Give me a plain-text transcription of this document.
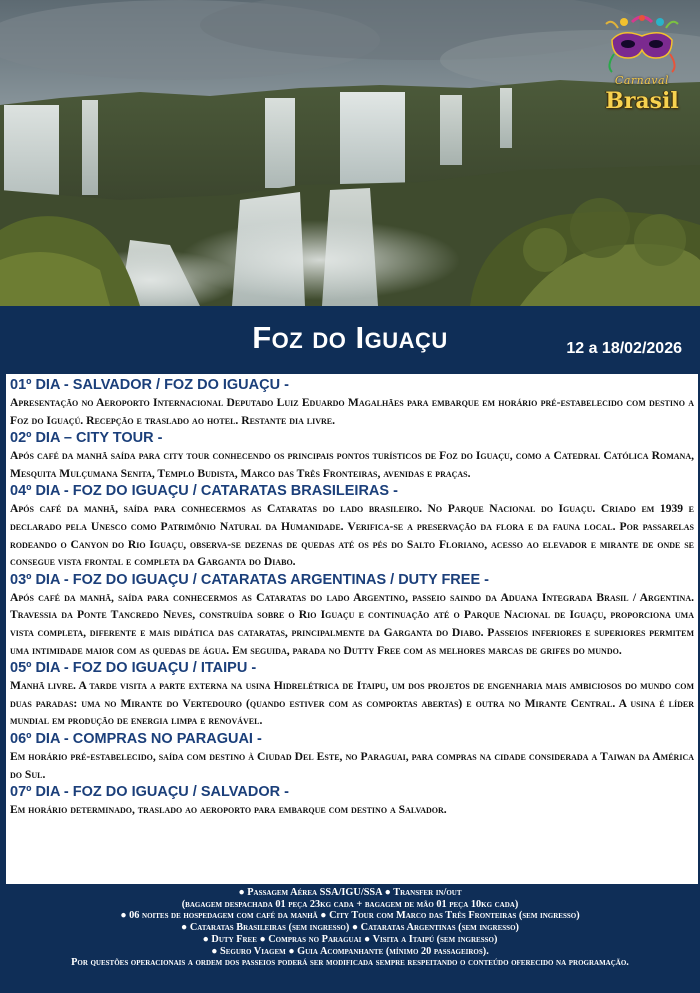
Carnaval
Brasil
Foz do Iguaçu	12 a 18/02/2026
01º DIA - SALVADOR / FOZ DO IGUAÇU -

Apresentação no Aeroporto Internacional Deputado Luiz Eduardo Magalhães para embarque em horário pré-estabelecido com destino a Foz do Iguaçú. Recepção e traslado ao hotel. Restante dia livre.

02º DIA – CITY TOUR -

Após café da manhã saída para city tour conhecendo os principais pontos turísticos de Foz do Iguaçu, como a Catedral Católica Romana, Mesquita Mulçumana Senita, Templo Budista, Marco das Três Fronteiras, avenidas e praças.

04º DIA - FOZ DO IGUAÇU / CATARATAS BRASILEIRAS -

Após café da manhã, saída para conhecermos as Cataratas do lado brasileiro. No Parque Nacional do Iguaçu. Criado em 1939 e declarado pela Unesco como Patrimônio Natural da Humanidade. Verifica-se a preservação da flora e da fauna local. Por passarelas rodeando o Canyon do Rio Iguaçu, observa-se dezenas de quedas até os pés do Salto Floriano, acesso ao elevador e mirante de onde se consegue vista frontal e completa da Garganta do Diabo.

03º DIA - FOZ DO IGUAÇU / CATARATAS ARGENTINAS / DUTY FREE -

Após café da manhã, saída para conhecermos as Cataratas do lado Argentino, passeio saindo da Aduana Integrada Brasil / Argentina. Travessia da Ponte Tancredo Neves, construída sobre o Rio Iguaçu e continuação até o Parque Nacional de Iguaçu, proporciona uma vista completa, diferente e mais didática das cataratas, principalmente da Garganta do Diabo. Passeios inferiores e superiores permitem uma intimidade maior com as quedas de água. Em seguida, parada no Dutty Free com as melhores marcas de grifes do mundo.

05º DIA - FOZ DO IGUAÇU / ITAIPU -

Manhã livre. A tarde visita a parte externa na usina Hidrelétrica de Itaipu, um dos projetos de engenharia mais ambiciosos do mundo com duas paradas: uma no Mirante do Vertedouro (quando estiver com as comportas abertas) e outra no Mirante Central. A usina é líder mundial em produção de energia limpa e renovável.

06º DIA - COMPRAS NO PARAGUAI -

Em horário pré-estabelecido, saída com destino à Ciudad Del Este, no Paraguai, para compras na cidade considerada a Taiwan da América do Sul.

07º DIA - FOZ DO IGUAÇU / SALVADOR -

Em horário determinado, traslado ao aeroporto para embarque com destino a Salvador.

● Passagem Aérea SSA/IGU/SSA ● Transfer in/out
(bagagem despachada 01 peça 23kg cada + bagagem de mão 01 peça 10kg cada)
● 06 noites de hospedagem com café da manhã ● City Tour com Marco das Três Fronteiras (sem ingresso)
● Cataratas Brasileiras (sem ingresso) ● Cataratas Argentinas (sem ingresso)
● Duty Free ● Compras no Paraguai ● Visita a Itaipú (sem ingresso)
● Seguro Viagem ● Guia Acompanhante (mínimo 20 passageiros).
Por questões operacionais a ordem dos passeios poderá ser modificada sempre respeitando o conteúdo oferecido na programação.
